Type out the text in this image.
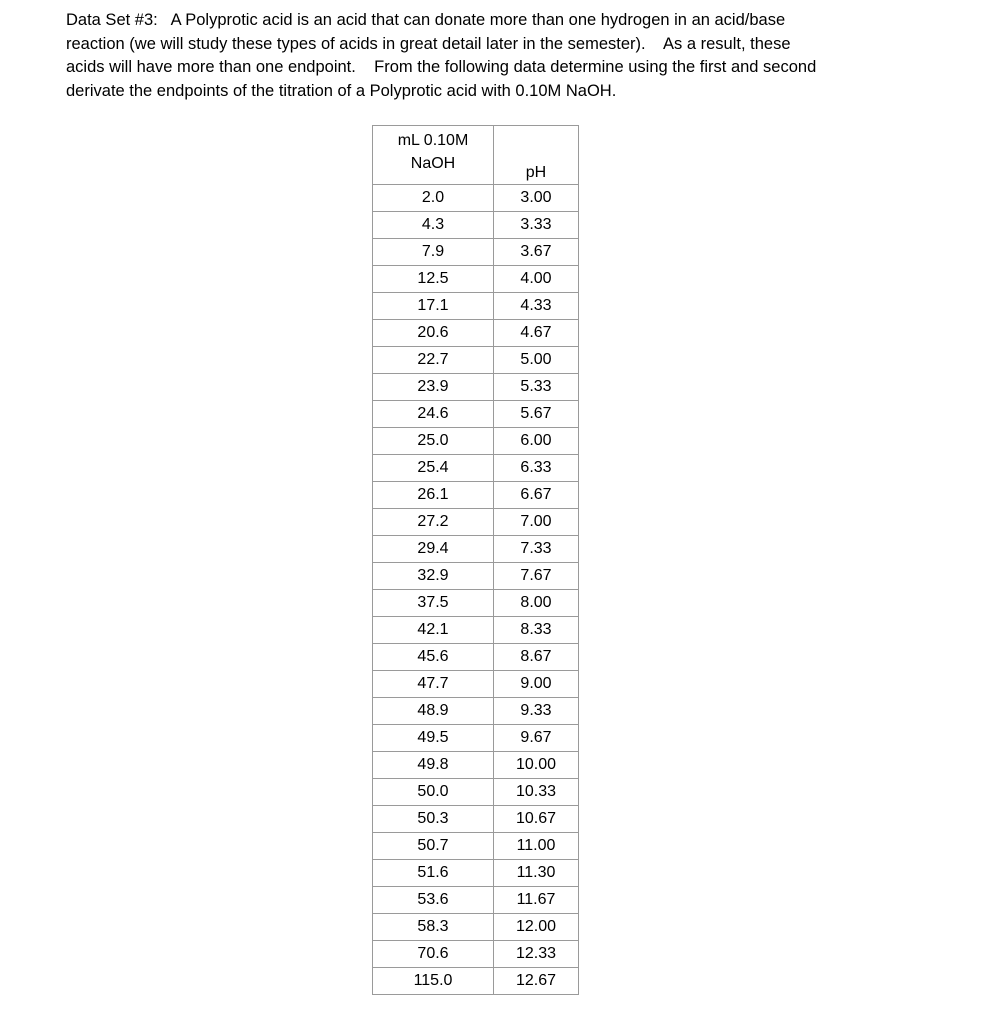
Data Set #3:   A Polyprotic acid is an acid that can donate more than one hydrogen in an acid/base
reaction (we will study these types of acids in great detail later in the semester).    As a result, these
acids will have more than one endpoint.    From the following data determine using the first and second
derivate the endpoints of the titration of a Polyprotic acid with 0.10M NaOH.

mL 0.10M
NaOH	pH
2.0	3.00
4.3	3.33
7.9	3.67
12.5	4.00
17.1	4.33
20.6	4.67
22.7	5.00
23.9	5.33
24.6	5.67
25.0	6.00
25.4	6.33
26.1	6.67
27.2	7.00
29.4	7.33
32.9	7.67
37.5	8.00
42.1	8.33
45.6	8.67
47.7	9.00
48.9	9.33
49.5	9.67
49.8	10.00
50.0	10.33
50.3	10.67
50.7	11.00
51.6	11.30
53.6	11.67
58.3	12.00
70.6	12.33
115.0	12.67
